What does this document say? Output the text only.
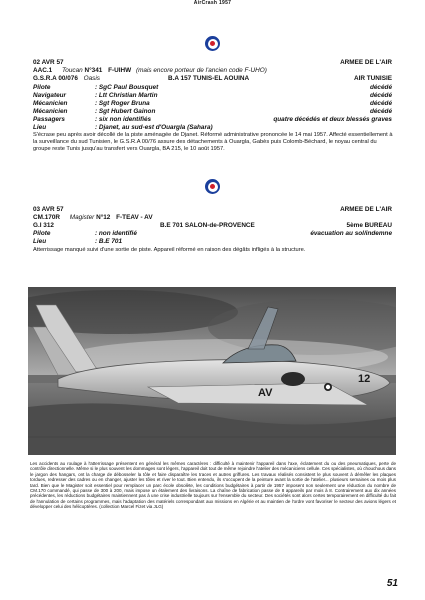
AirCrash 1957
02 AVR 57	ARMEE DE L'AIR
AAC.1 Toucan N°341 F-UIHW (mais encore porteur de l'ancien code F-UHO)
G.S.R.A 00/076 Oasis	B.A 157 TUNIS-EL AOUINA	AIR TUNISIE
Pilote	: SgC Paul Bousquet	décédé
Navigateur	: Ltt Christian Martin	décédé
Mécanicien	: Sgt Roger Bruna	décédé
Mécanicien	: Sgt Hubert Gainon	décédé
Passagers	: six non identifiés	quatre décédés et deux blessés graves
Lieu	: Djanet, au sud-est d'Ouargla (Sahara)
S'écrase peu après avoir décollé de la piste aménagée de Djanet. Réformé administrative prononcée le 14 mai 1957. Affecté essentiellement à la surveillance du sud Tunisien, le G.S.R.A 00/76 assure des détachements à Ouargla, Gabès puis Colomb-Béchard, le noyau central du groupe reste Tunis jusqu'au transfert vers Ouargla, BA 215, le 10 août 1957.
03 AVR 57	ARMEE DE L'AIR
CM.170R Magister N°12 F-TEAV - AV
G.I 312	B.E 701 SALON-de-PROVENCE	5ème BUREAU
Pilote	: non identifié	évacuation au sol/indemne
Lieu	: B.E 701
Atterrissage manqué suivi d'une sortie de piste. Appareil réformé en raison des dégâts infligés à la structure.
AV
12
Les accidents au roulage à l'atterrissage présentent en général les mêmes caractères : difficulté à maintenir l'appareil dans l'axe, éclatement du ou des pneumatiques, perte de contrôle directionnelle. Même si le plus souvent les dommages sont légers, l'appareil doit tout de même rejoindre l'atelier des mécaniciens cellule. Ces spécialistes, où chouchous dans le jargon des hangars, ont la charge de débosseler la tôle et faire disparaître les traces et autres griffures. Les travaux réalisés consistent le plus souvent à démêler les plaques tordues, redresser des cadres ou en changer, ajuster les tôles et river le tout. Bien entendu, ils s'occupent de la peinture avant la sortie de l'atelier... plusieurs semaines ou mois plus tard. Bien que le Magister soit essentiel pour remplacer un parc école obsolète, les conditions budgétaires à partir de 1957 imposent non seulement une réduction du nombre de CM.170 commandé, qui passe de 300 à 200, mais impose un étalement des livraisons. La chaîne de fabrication passe de 8 appareils par mois à 8. Contrairement aux dix années précédentes, les réductions budgétaires maintiennent pas à une crise industrielle toujours sur l'ensemble du secteur. Des sociétés sont alors certes temporairement en difficulté du fait de l'annulation de certains programmes, mais l'adaptation des matériels correspondant aux missions en Algérie et au maintien de l'ordre vont favoriser le secteur des avions légers et développer celui des hélicoptères. (collection Marcel Fizet via JLG)
51
